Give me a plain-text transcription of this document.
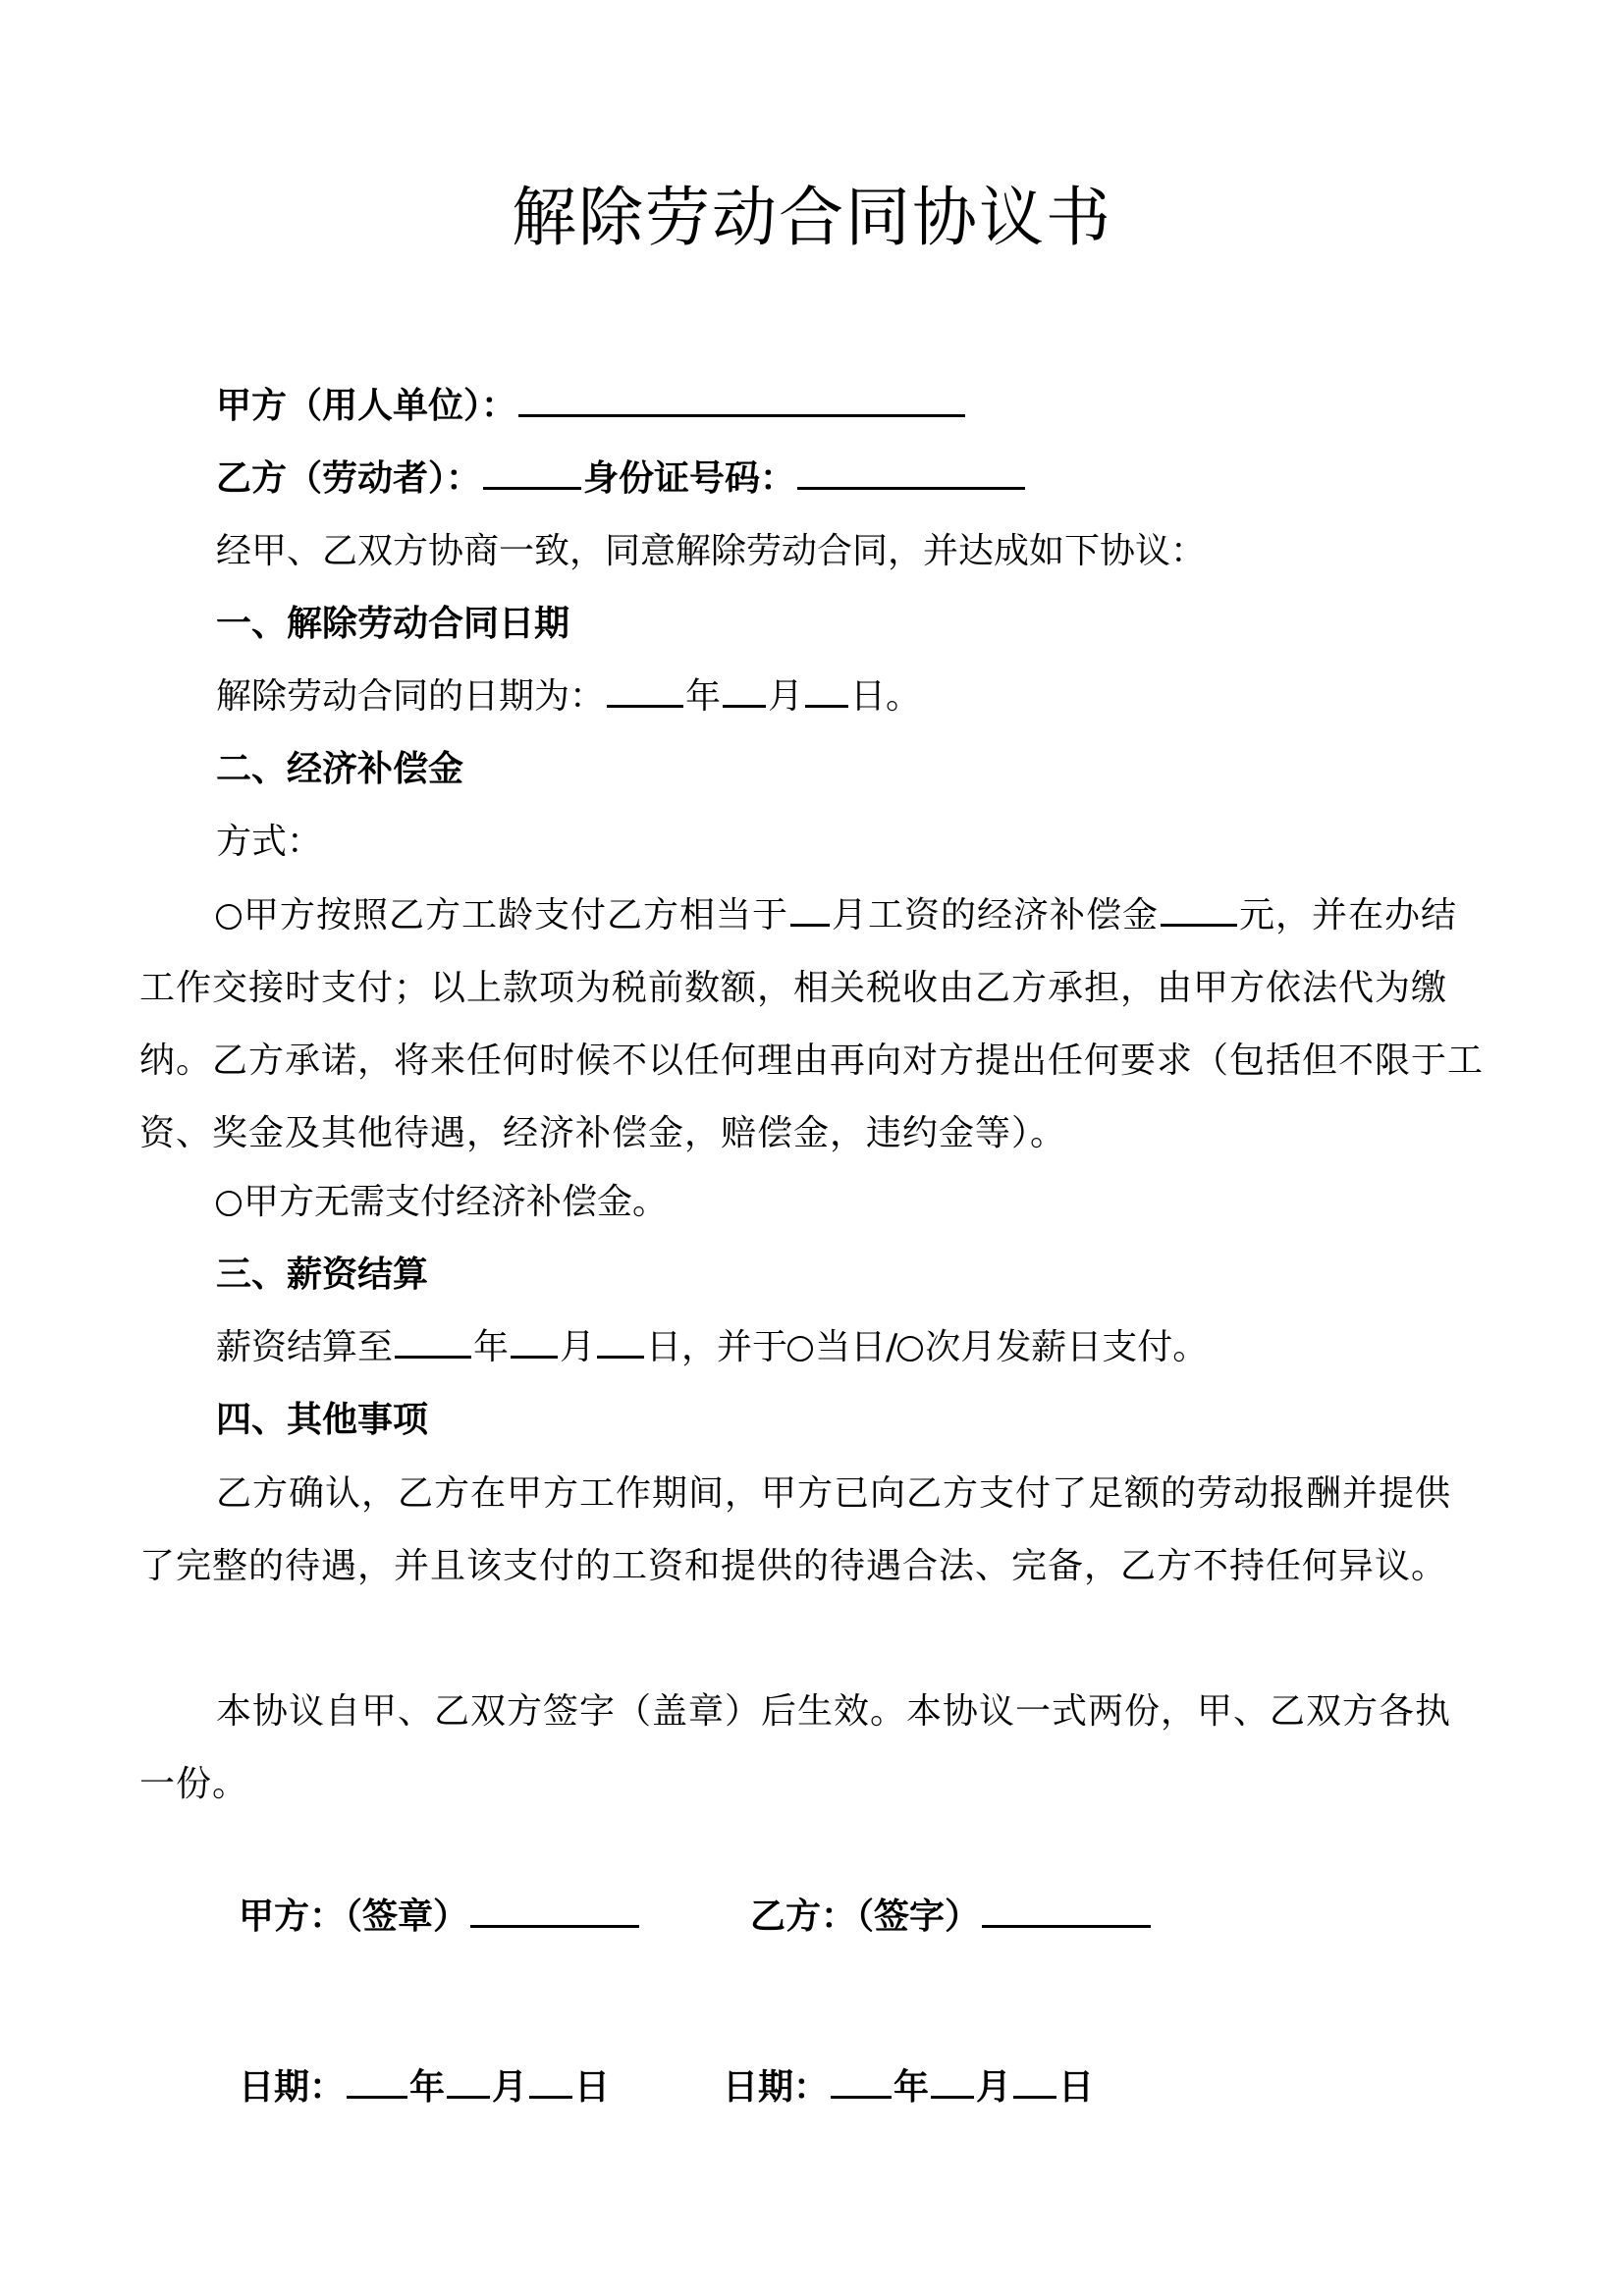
解除劳动合同协议书
甲方（用人单位）：
乙方（劳动者）：	身份证号码：
经甲、乙双方协商一致，同意解除劳动合同，并达成如下协议：
一、解除劳动合同日期
解除劳动合同的日期为： 年 月 日。
二、经济补偿金
方式：

甲方按照乙方工龄支付乙方相当于 月工资的经济补偿金 元，并在办结工作交接时支付；以上款项为税前数额，相关税收由乙方承担，由甲方依法代为缴纳。乙方承诺，将来任何时候不以任何理由再向对方提出任何要求（包括但不限于工资、奖金及其他待遇，经济补偿金，赔偿金，违约金等）。

甲方无需支付经济补偿金。
三、薪资结算
薪资结算至 年 月 日，并于 当日/ 次月发薪日支付。
四、其他事项

乙方确认，乙方在甲方工作期间，甲方已向乙方支付了足额的劳动报酬并提供了完整的待遇，并且该支付的工资和提供的待遇合法、完备，乙方不持任何异议。

本协议自甲、乙双方签字（盖章）后生效。本协议一式两份，甲、乙双方各执一份。

甲方：（签章）	乙方：（签字）
日期： 年 月 日	日期： 年 月 日
